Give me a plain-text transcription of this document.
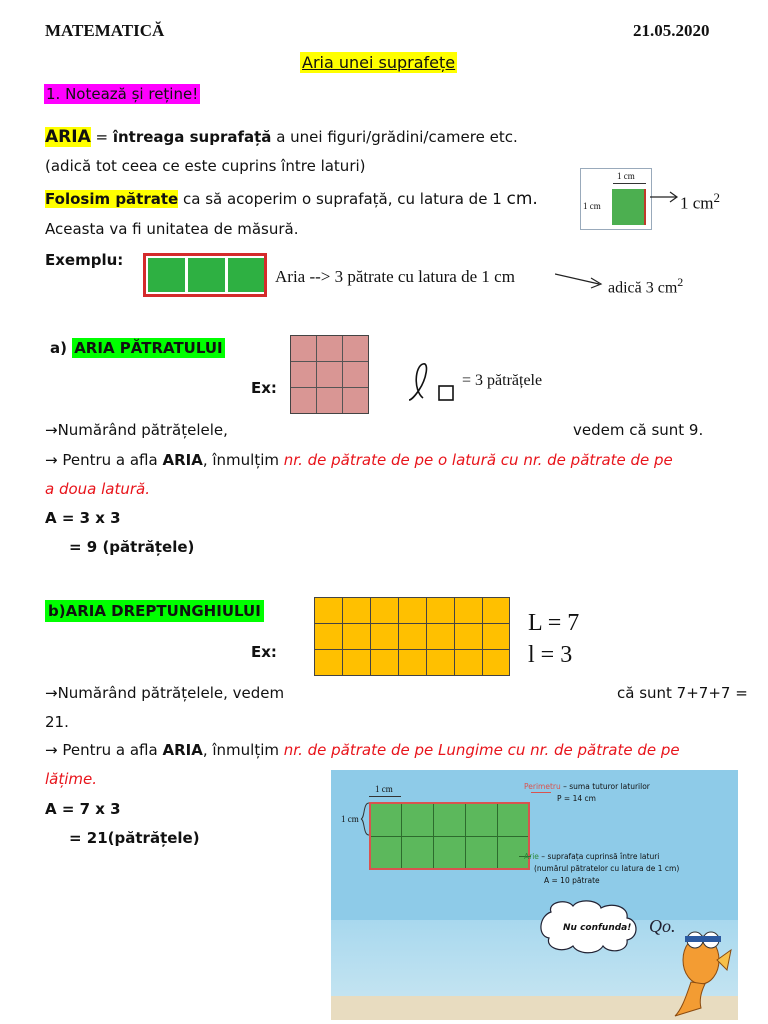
MATEMATICĂ	21.05.2020
Aria unei suprafețe
1. Notează și reține!
ARIA = întreaga suprafață a unei figuri/grădini/camere etc.
(adică tot ceea ce este cuprins între laturi)
Folosim pătrate ca să acoperim o suprafață, cu latura de 1 cm.
Aceasta va fi unitatea de măsură.
1 cm
1 cm	1 $cm^2$
Exemplu:
Aria --> 3 pătrate cu latura de 1 cm
adică 3 $cm^2$
a) ARIA PĂTRATULUI
Ex:	= 3 pătrățele
→Numărând pătrățelele,	vedem că sunt 9.
→ Pentru a afla ARIA, înmulțim nr. de pătrate de pe o latură cu nr. de pătrate de pe
a doua latură.
A = 3 x 3
= 9 (pătrățele)
b)ARIA DREPTUNGHIULUI	L = 7
l = 3
Ex:
→Numărând pătrățelele, vedem	că sunt 7+7+7 =
21.
→ Pentru a afla ARIA, înmulțim nr. de pătrate de pe Lungime cu nr. de pătrate de pe
lățime.
A = 7 x 3
= 21(pătrățele)
1 cm
1 cm
Perimetru – suma tuturor laturilor
P = 14 cm
Arie – suprafața cuprinsă între laturi
(numărul pătratelor cu latura de 1 cm)
A = 10 pătrate
Nu confunda! Qo.
